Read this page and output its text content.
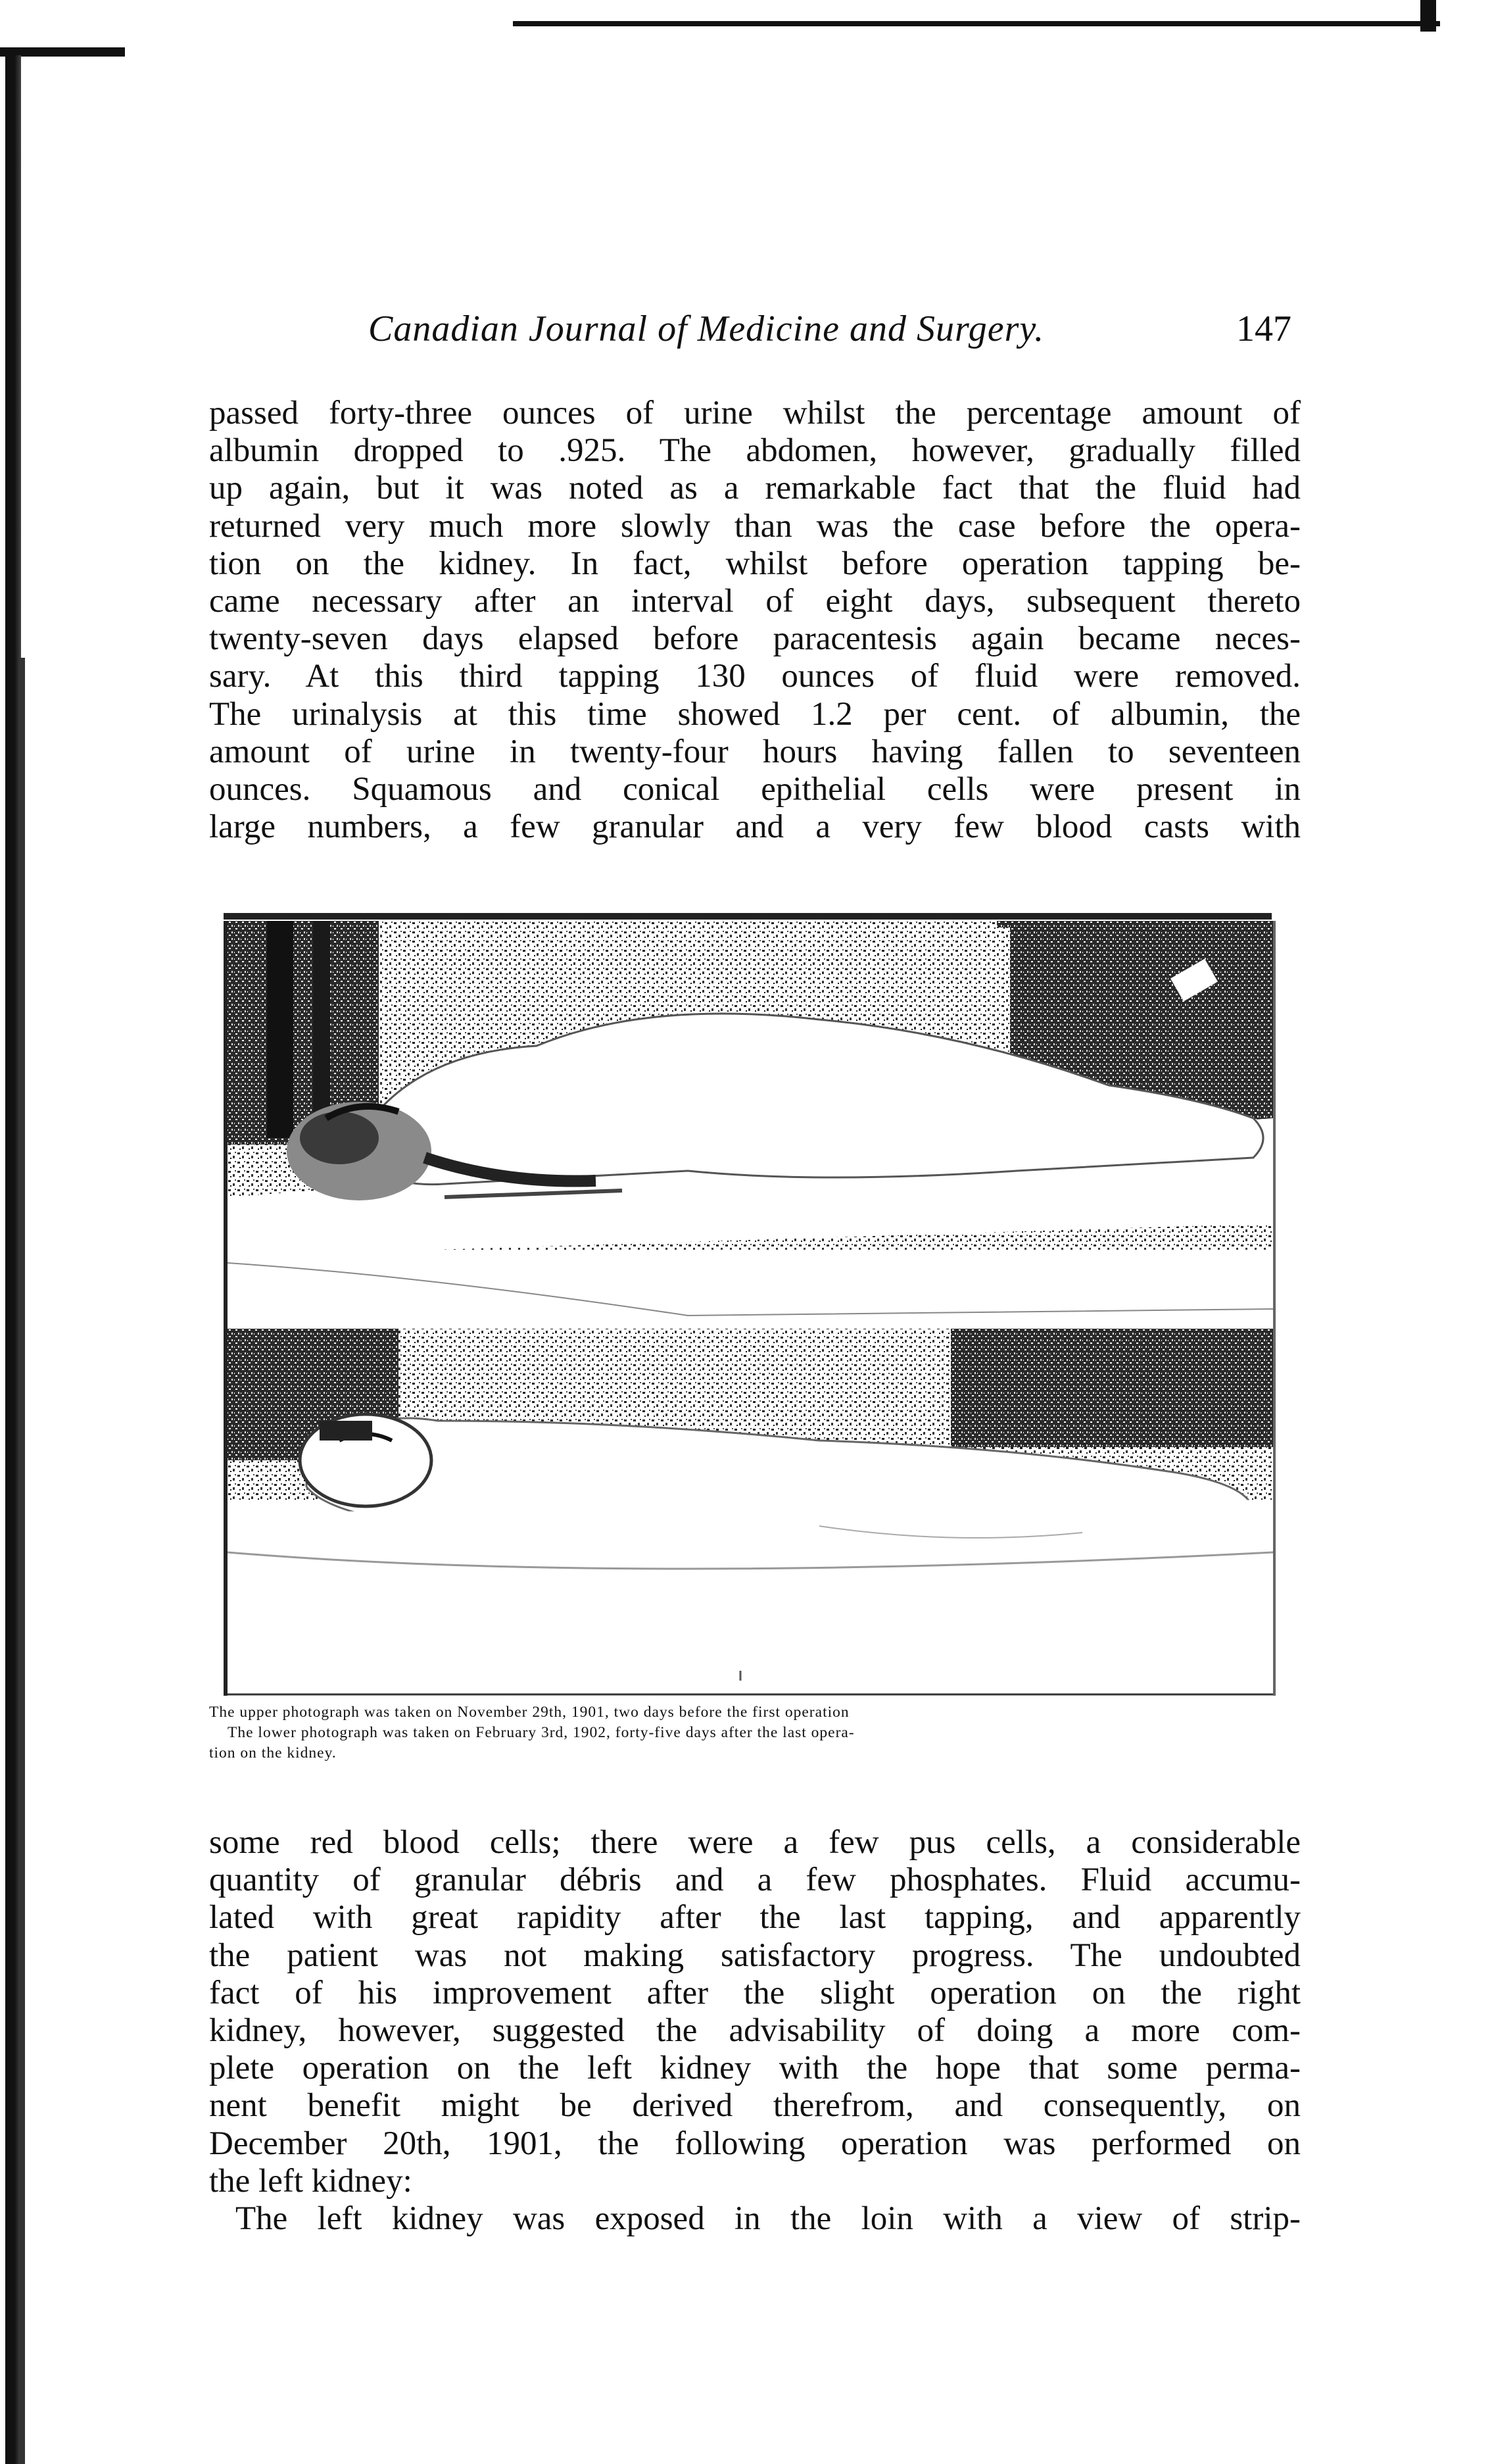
Canadian Journal of Medicine and Surgery.	147
passed forty-three ounces of urine whilst the percentage amount of
albumin dropped to .925. The abdomen, however, gradually filled
up again, but it was noted as a remarkable fact that the fluid had
returned very much more slowly than was the case before the opera-
tion on the kidney. In fact, whilst before operation tapping be-
came necessary after an interval of eight days, subsequent thereto
twenty-seven days elapsed before paracentesis again became neces-
sary. At this third tapping 130 ounces of fluid were removed.
The urinalysis at this time showed 1.2 per cent. of albumin, the
amount of urine in twenty-four hours having fallen to seventeen
ounces. Squamous and conical epithelial cells were present in
large numbers, a few granular and a very few blood casts with
The upper photograph was taken on November 29th, 1901, two days before the first operation
The lower photograph was taken on February 3rd, 1902, forty-five days after the last opera-
tion on the kidney.
some red blood cells; there were a few pus cells, a considerable
quantity of granular débris and a few phosphates. Fluid accumu-
lated with great rapidity after the last tapping, and apparently
the patient was not making satisfactory progress. The undoubted
fact of his improvement after the slight operation on the right
kidney, however, suggested the advisability of doing a more com-
plete operation on the left kidney with the hope that some perma-
nent benefit might be derived therefrom, and consequently, on
December 20th, 1901, the following operation was performed on
the left kidney:
The left kidney was exposed in the loin with a view of strip-
